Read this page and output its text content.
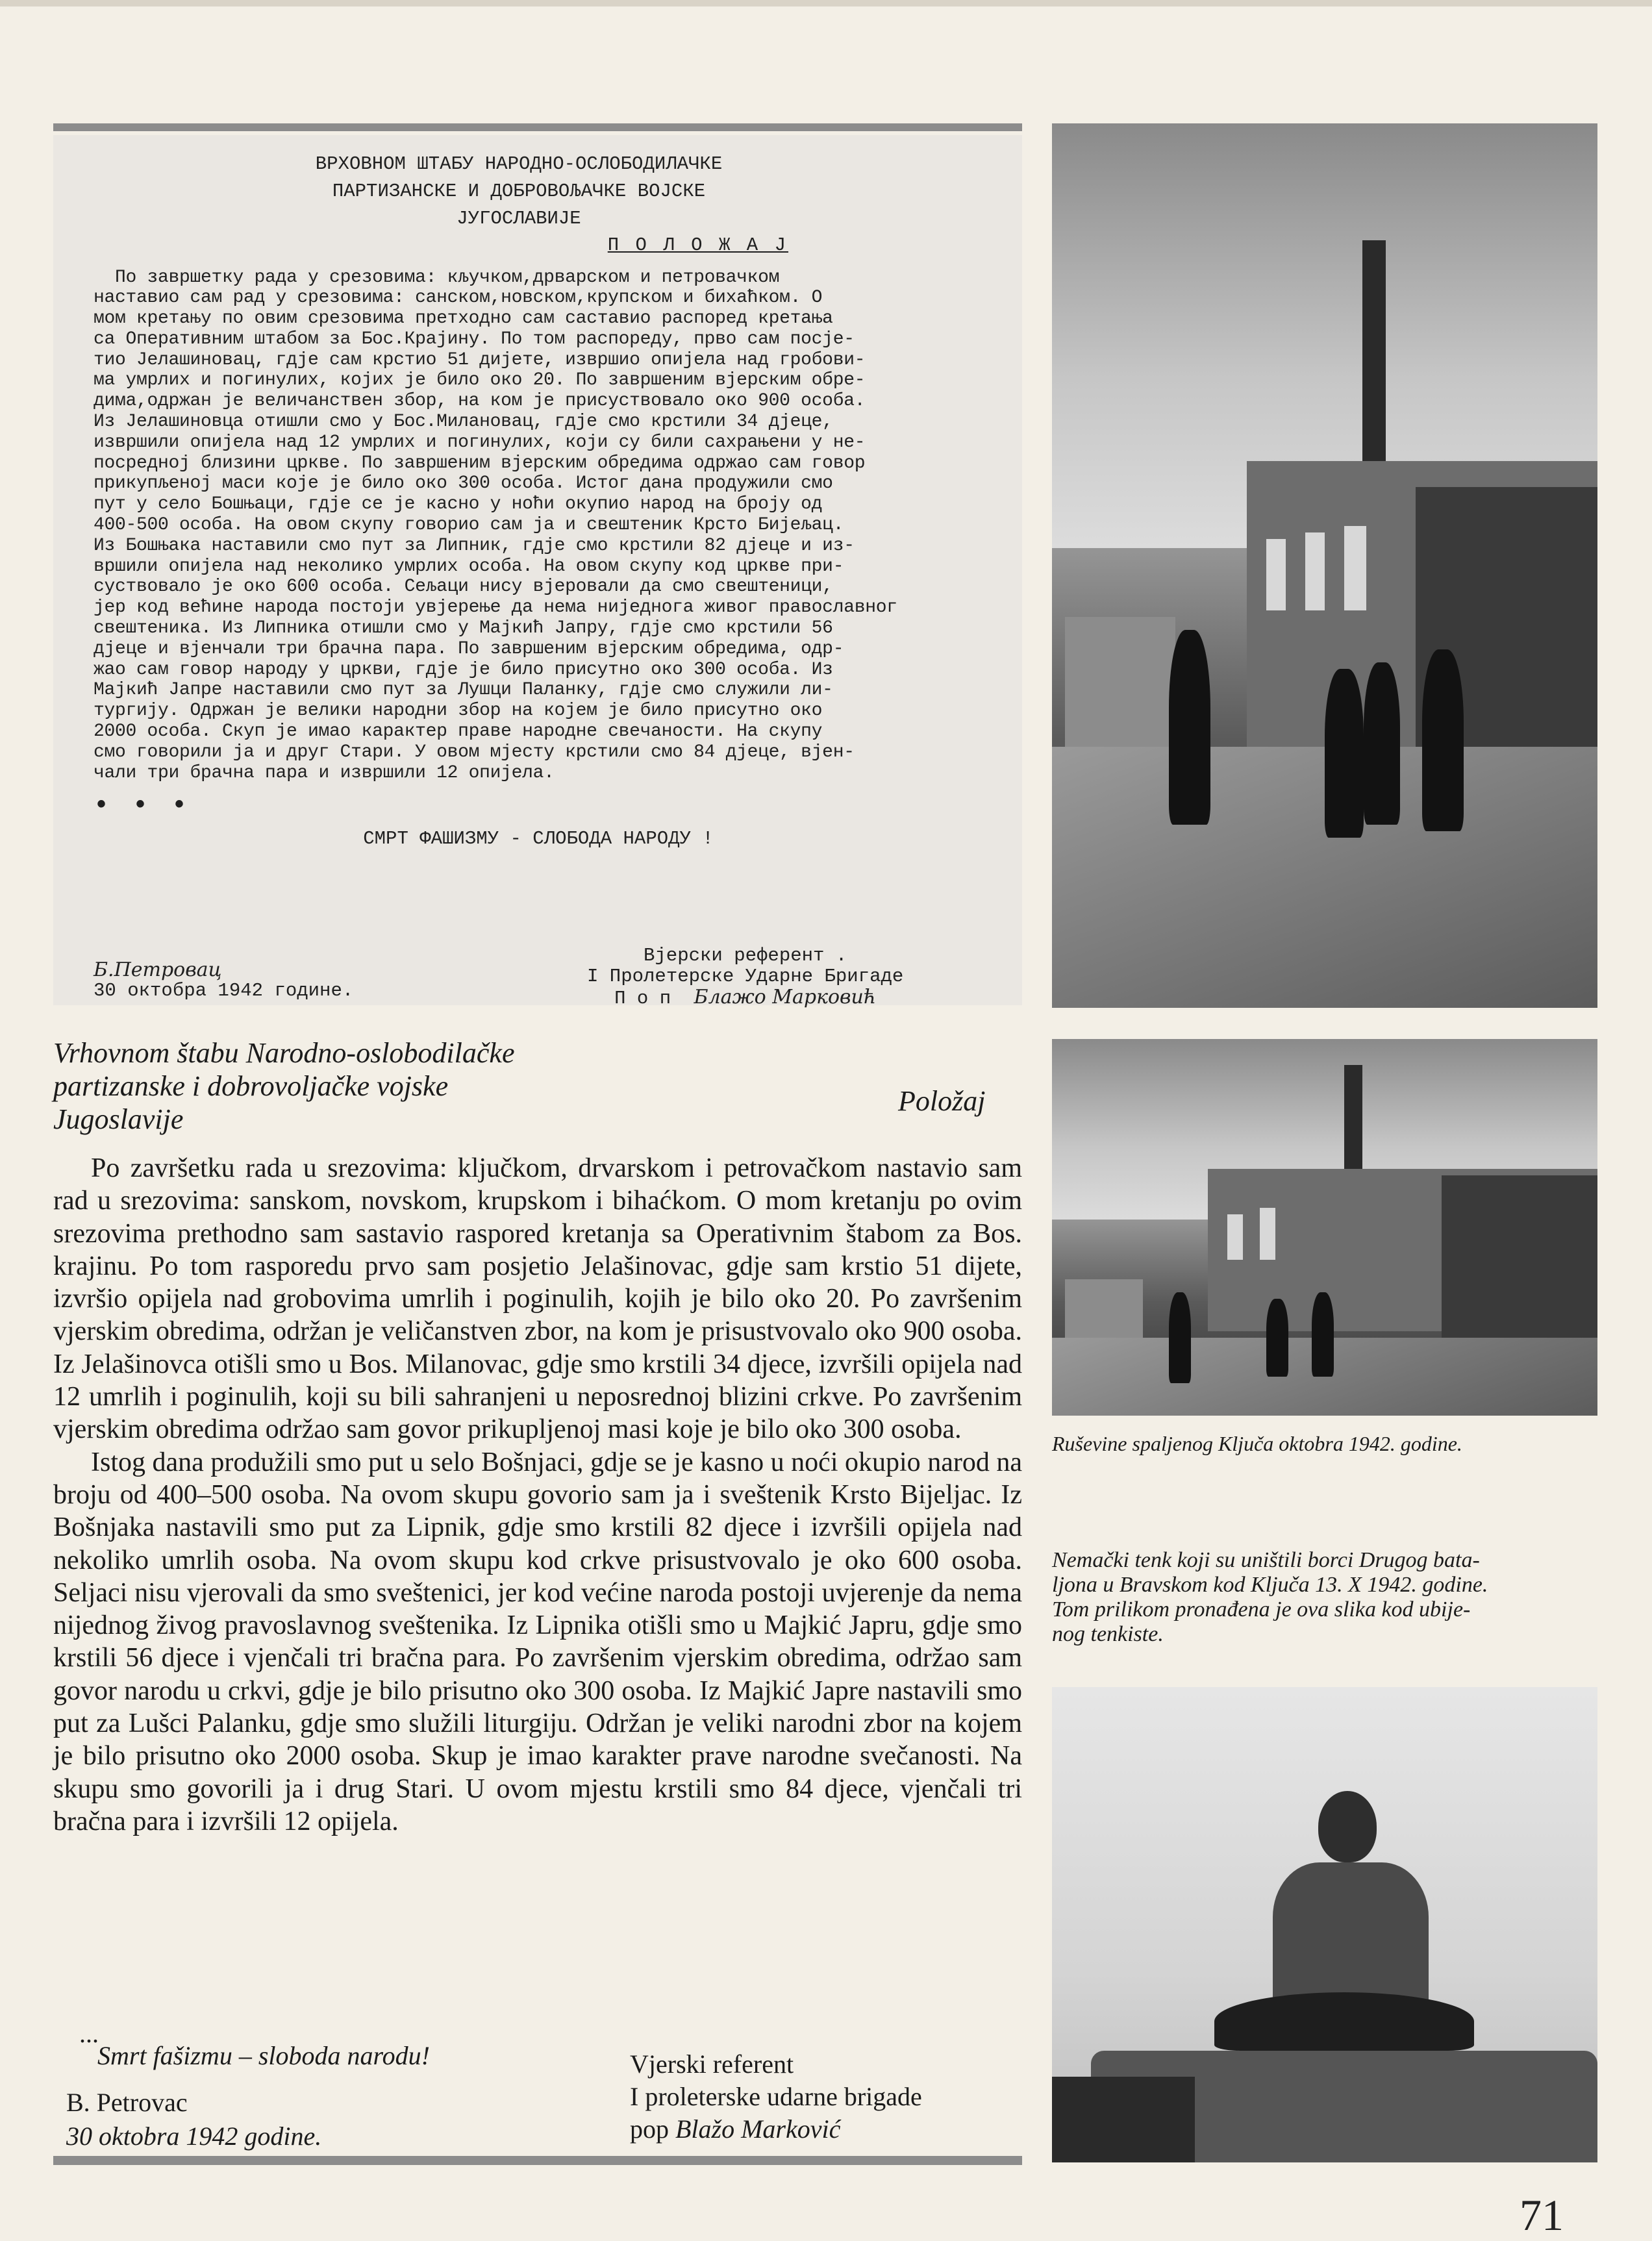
ВРХОВНОМ ШТАБУ НАРОДНО-ОСЛОБОДИЛАЧКЕ
ПАРТИЗАНСКЕ И ДОБРОВОЉАЧКЕ ВОЈСКЕ
ЈУГОСЛАВИЈЕ
П О Л О Ж А Ј
По завршетку рада у срезовима: кључком,дрварском и петровачком
наставио сам рад у срезовима: санском,новском,крупском и бихаћком. О
мом кретању по овим срезовима претходно сам саставио распоред кретања
са Оперативним штабом за Бос.Крајину. По том распореду, прво сам посје-
тио Јелашиновац, гдје сам крстио 51 дијете, извршио опијела над гробови-
ма умрлих и погинулих, којих је било око 20. По завршеним вјерским обре-
дима,одржан је величанствен збор, на ком је присуствовало око 900 особа.
Из Јелашиновца отишли смо у Бос.Милановац, гдје смо крстили 34 дјеце,
извршили опијела над 12 умрлих и погинулих, који су били сахрањени у не-
посредној близини цркве. По завршеним вјерским обредима одржао сам говор
прикупљеној маси које је било око 300 особа. Истог дана продужили смо
пут у село Бошњаци, гдје се је касно у ноћи окупио народ на броју од
400-500 особа. На овом скупу говорио сам ја и свештеник Крсто Бијељац.
Из Бошњака наставили смо пут за Липник, гдје смо крстили 82 дјеце и из-
вршили опијела над неколико умрлих особа. На овом скупу код цркве при-
суствовало је око 600 особа. Сељаци нису вјеровали да смо свештеници,
јер код већине народа постоји увјерење да нема ниједнога живог православног
свештеника. Из Липника отишли смо у Мајкић Јапру, гдје смо крстили 56
дјеце и вјенчали три брачна пара. По завршеним вјерским обредима, одр-
жао сам говор народу у цркви, гдје је било присутно око 300 особа. Из
Мајкић Јапре наставили смо пут за Лушци Паланку, гдје смо служили ли-
тургију. Одржан је велики народни збор на којем је било присутно око
2000 особа. Скуп је имао карактер праве народне свечаности. На скупу
смо говорили ја и друг Стари. У овом мјесту крстили смо 84 дјеце, вјен-
чали три брачна пара и извршили 12 опијела.
• • •
СМРТ ФАШИЗМУ - СЛОБОДА НАРОДУ !
Б.Петровац
30 октобра 1942 године.
Вјерски референт .
I Пролетерске Ударне Бригаде
П о п Блажо Марковић
Vrhovnom štabu Narodno-oslobodilačke
partizanske i dobrovoljačke vojske
Jugoslavije
Položaj

Po završetku rada u srezovima: ključkom, drvarskom i petrovačkom nastavio sam rad u srezovima: sanskom, novskom, krupskom i bihaćkom. O mom kretanju po ovim srezovima prethodno sam sastavio raspored kretanja sa Operativnim štabom za Bos. krajinu. Po tom rasporedu prvo sam posjetio Jelašinovac, gdje sam krstio 51 dijete, izvršio opijela nad grobovima umrlih i poginulih, kojih je bilo oko 20. Po završenim vjerskim obredima, održan je veličanstven zbor, na kom je prisustvovalo oko 900 osoba. Iz Jelašinovca otišli smo u Bos. Milanovac, gdje smo krstili 34 djece, izvršili opijela nad 12 umrlih i poginulih, koji su bili sahranjeni u neposrednoj blizini crkve. Po završenim vjerskim obredima održao sam govor prikupljenoj masi koje je bilo oko 300 osoba.

Istog dana produžili smo put u selo Bošnjaci, gdje se je kasno u noći okupio narod na broju od 400–500 osoba. Na ovom skupu govorio sam ja i sveštenik Krsto Bijeljac. Iz Bošnjaka nastavili smo put za Lipnik, gdje smo krstili 82 djece i izvršili opijela nad nekoliko umrlih osoba. Na ovom skupu kod crkve prisustvovalo je oko 600 osoba. Seljaci nisu vjerovali da smo sveštenici, jer kod većine naroda postoji uvjerenje da nema nijednog živog pravoslavnog sveštenika. Iz Lipnika otišli smo u Majkić Japru, gdje smo krstili 56 djece i vjenčali tri bračna para. Po završenim vjerskim obredima, održao sam govor narodu u crkvi, gdje je bilo prisutno oko 300 osoba. Iz Majkić Japre nastavili smo put za Lušci Palanku, gdje smo služili liturgiju. Održan je veliki narodni zbor na kojem je bilo prisutno oko 2000 osoba. Skup je imao karakter prave narodne svečanosti. Na skupu smo govorili ja i drug Stari. U ovom mjestu krstili smo 84 djece, vjenčali tri bračna para i izvršili 12 opijela.

...
Smrt fašizmu – sloboda narodu!	Vjerski referent
I proleterske udarne brigade
pop Blažo Marković
B. Petrovac
30 oktobra 1942 godine.
Ruševine spaljenog Ključa oktobra 1942. godine.
Nemački tenk koji su uništili borci Drugog bata-
ljona u Bravskom kod Ključa 13. X 1942. godine.
Tom prilikom pronađena je ova slika kod ubije-
nog tenkiste.
71
